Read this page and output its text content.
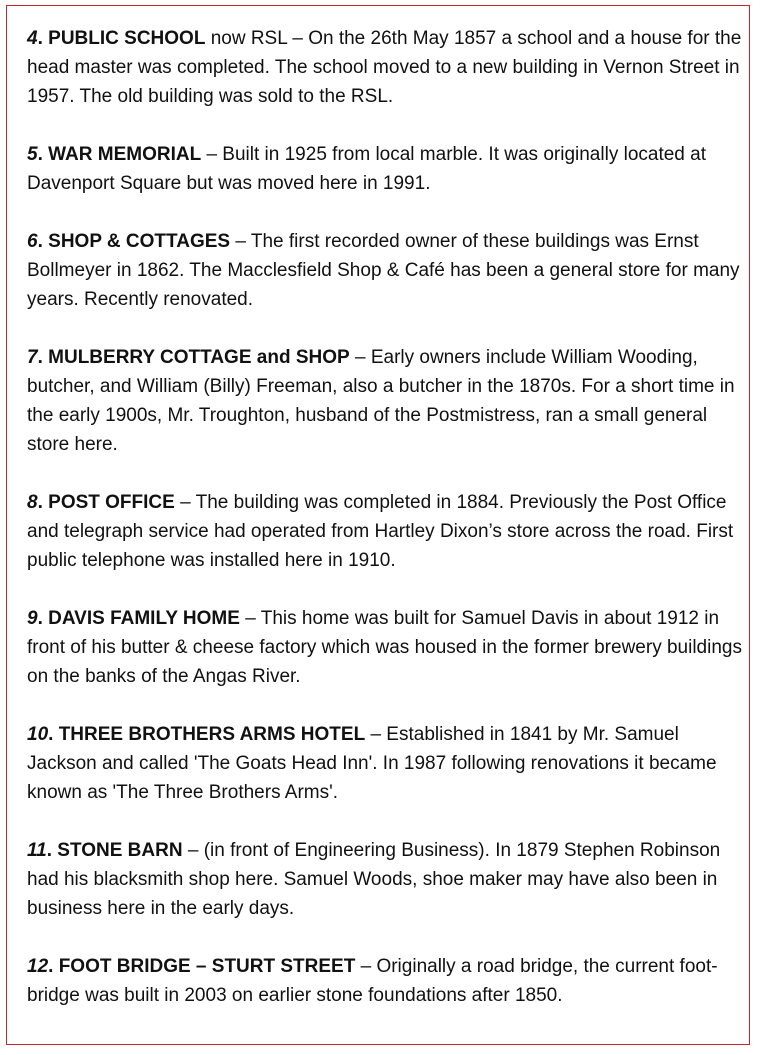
4. PUBLIC SCHOOL now RSL – On the 26th May 1857 a school and a house for the head master was completed. The school moved to a new building in Vernon Street in 1957. The old building was sold to the RSL.

5. WAR MEMORIAL – Built in 1925 from local marble. It was originally located at Davenport Square but was moved here in 1991.

6. SHOP & COTTAGES – The first recorded owner of these buildings was Ernst Bollmeyer in 1862. The Macclesfield Shop & Café has been a general store for many years. Recently renovated.

7. MULBERRY COTTAGE and SHOP – Early owners include William Wooding, butcher, and William (Billy) Freeman, also a butcher in the 1870s. For a short time in the early 1900s, Mr. Troughton, husband of the Postmistress, ran a small general store here.

8. POST OFFICE – The building was completed in 1884. Previously the Post Office and telegraph service had operated from Hartley Dixon’s store across the road. First public telephone was installed here in 1910.

9. DAVIS FAMILY HOME – This home was built for Samuel Davis in about 1912 in front of his butter & cheese factory which was housed in the former brewery buildings on the banks of the Angas River.

10. THREE BROTHERS ARMS HOTEL – Established in 1841 by Mr. Samuel Jackson and called 'The Goats Head Inn'. In 1987 following renovations it became known as 'The Three Brothers Arms'.

11. STONE BARN – (in front of Engineering Business). In 1879 Stephen Robinson had his blacksmith shop here. Samuel Woods, shoe maker may have also been in business here in the early days.

12. FOOT BRIDGE – STURT STREET – Originally a road bridge, the current foot-bridge was built in 2003 on earlier stone foundations after 1850.
